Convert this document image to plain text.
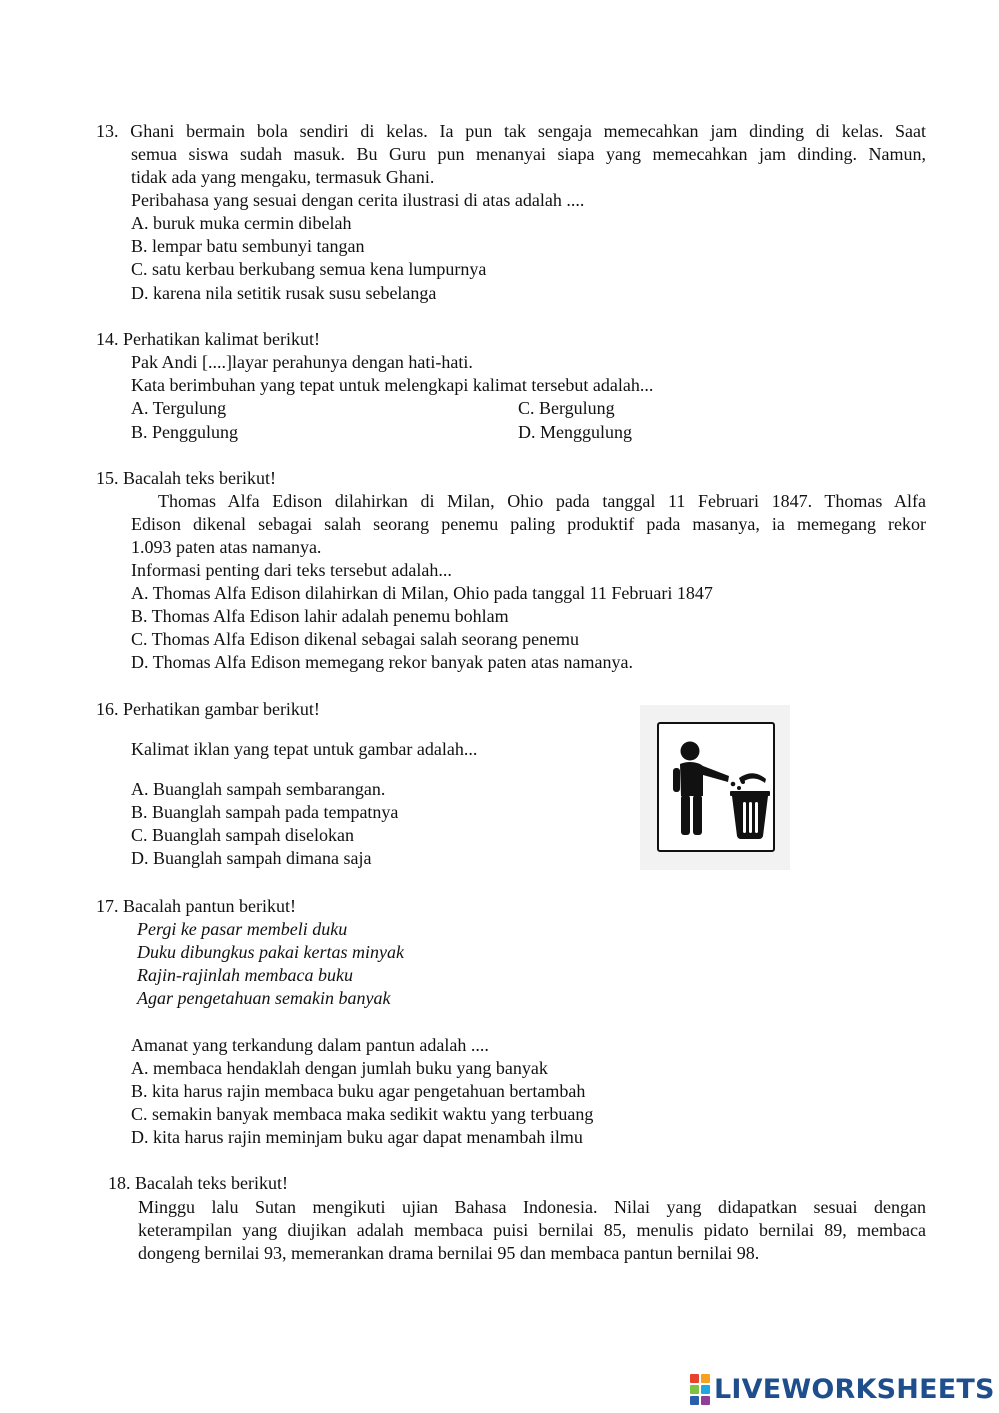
13. Ghani bermain bola sendiri di kelas. Ia pun tak sengaja memecahkan jam dinding di kelas. Saat
semua siswa sudah masuk. Bu Guru pun menanyai siapa yang memecahkan jam dinding. Namun,
tidak ada yang mengaku, termasuk Ghani.
Peribahasa yang sesuai dengan cerita ilustrasi di atas adalah ....
A. buruk muka cermin dibelah
B. lempar batu sembunyi tangan
C. satu kerbau berkubang semua kena lumpurnya
D. karena nila setitik rusak susu sebelanga
14. Perhatikan kalimat berikut!
Pak Andi [....]layar perahunya dengan hati-hati.
Kata berimbuhan yang tepat untuk melengkapi kalimat tersebut adalah...
A. Tergulung	C. Bergulung
B. Penggulung	D. Menggulung
15. Bacalah teks berikut!
Thomas Alfa Edison dilahirkan di Milan, Ohio pada tanggal 11 Februari 1847. Thomas Alfa
Edison dikenal sebagai salah seorang penemu paling produktif pada masanya, ia memegang rekor
1.093 paten atas namanya.
Informasi penting dari teks tersebut adalah...
A. Thomas Alfa Edison dilahirkan di Milan, Ohio pada tanggal 11 Februari 1847
B. Thomas Alfa Edison lahir adalah penemu bohlam
C. Thomas Alfa Edison dikenal sebagai salah seorang penemu
D. Thomas Alfa Edison memegang rekor banyak paten atas namanya.
16. Perhatikan gambar berikut!
Kalimat iklan yang tepat untuk gambar adalah...
A. Buanglah sampah sembarangan.
B. Buanglah sampah pada tempatnya
C. Buanglah sampah diselokan
D. Buanglah sampah dimana saja
17. Bacalah pantun berikut!
Pergi ke pasar membeli duku
Duku dibungkus pakai kertas minyak
Rajin-rajinlah membaca buku
Agar pengetahuan semakin banyak
Amanat yang terkandung dalam pantun adalah ....
A. membaca hendaklah dengan jumlah buku yang banyak
B. kita harus rajin membaca buku agar pengetahuan bertambah
C. semakin banyak membaca maka sedikit waktu yang terbuang
D. kita harus rajin meminjam buku agar dapat menambah ilmu
18. Bacalah teks berikut!
Minggu lalu Sutan mengikuti ujian Bahasa Indonesia. Nilai yang didapatkan sesuai dengan
keterampilan yang diujikan adalah membaca puisi bernilai 85, menulis pidato bernilai 89, membaca
dongeng bernilai 93, memerankan drama bernilai 95 dan membaca pantun bernilai 98.
LIVEWORKSHEETS
